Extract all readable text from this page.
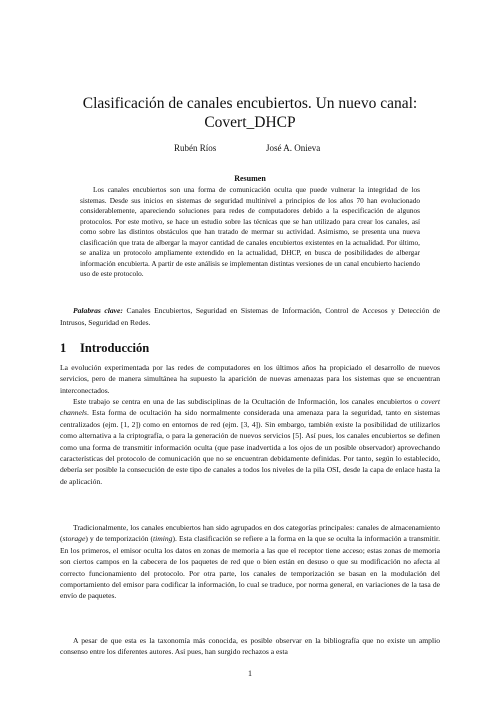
Clasificación de canales encubiertos. Un nuevo canal:
Covert_DHCP
Rubén Ríos	José A. Onieva
Resumen

Los canales encubiertos son una forma de comunicación oculta que puede vulnerar la integridad de los sistemas. Desde sus inicios en sistemas de seguridad multinivel a principios de los años 70 han evolucionado considerablemente, apareciendo soluciones para redes de computadores debido a la especificación de algunos protocolos. Por este motivo, se hace un estudio sobre las técnicas que se han utilizado para crear los canales, así como sobre las distintos obstáculos que han tratado de mermar su actividad. Asimismo, se presenta una nueva clasificación que trata de albergar la mayor cantidad de canales encubiertos existentes en la actualidad. Por último, se analiza un protocolo ampliamente extendido en la actualidad, DHCP, en busca de posibilidades de albergar información encubierta. A partir de este análisis se implementan distintas versiones de un canal encubierto haciendo uso de este protocolo.

Palabras clave: Canales Encubiertos, Seguridad en Sistemas de Información, Control de Accesos y Detección de Intrusos, Seguridad en Redes.

1 Introducción

La evolución experimentada por las redes de computadores en los últimos años ha propiciado el desarrollo de nuevos servicios, pero de manera simultánea ha supuesto la aparición de nuevas amenazas para los sistemas que se encuentran interconectados.

Este trabajo se centra en una de las subdisciplinas de la Ocultación de Información, los canales encubiertos o covert channels. Esta forma de ocultación ha sido normalmente considerada una amenaza para la seguridad, tanto en sistemas centralizados (ejm. [1, 2]) como en entornos de red (ejm. [3, 4]). Sin embargo, también existe la posibilidad de utilizarlos como alternativa a la criptografía, o para la generación de nuevos servicios [5]. Así pues, los canales encubiertos se definen como una forma de transmitir información oculta (que pase inadvertida a los ojos de un posible observador) aprovechando características del protocolo de comunicación que no se encuentran debidamente definidas. Por tanto, según lo establecido, debería ser posible la consecución de este tipo de canales a todos los niveles de la pila OSI, desde la capa de enlace hasta la de aplicación.

Tradicionalmente, los canales encubiertos han sido agrupados en dos categorías principales: canales de almacenamiento (storage) y de temporización (timing). Esta clasificación se refiere a la forma en la que se oculta la información a transmitir. En los primeros, el emisor oculta los datos en zonas de memoria a las que el receptor tiene acceso; estas zonas de memoria son ciertos campos en la cabecera de los paquetes de red que o bien están en desuso o que su modificación no afecta al correcto funcionamiento del protocolo. Por otra parte, los canales de temporización se basan en la modulación del comportamiento del emisor para codificar la información, lo cual se traduce, por norma general, en variaciones de la tasa de envío de paquetes.

A pesar de que esta es la taxonomía más conocida, es posible observar en la bibliografía que no existe un amplio consenso entre los diferentes autores. Así pues, han surgido rechazos a esta

1
